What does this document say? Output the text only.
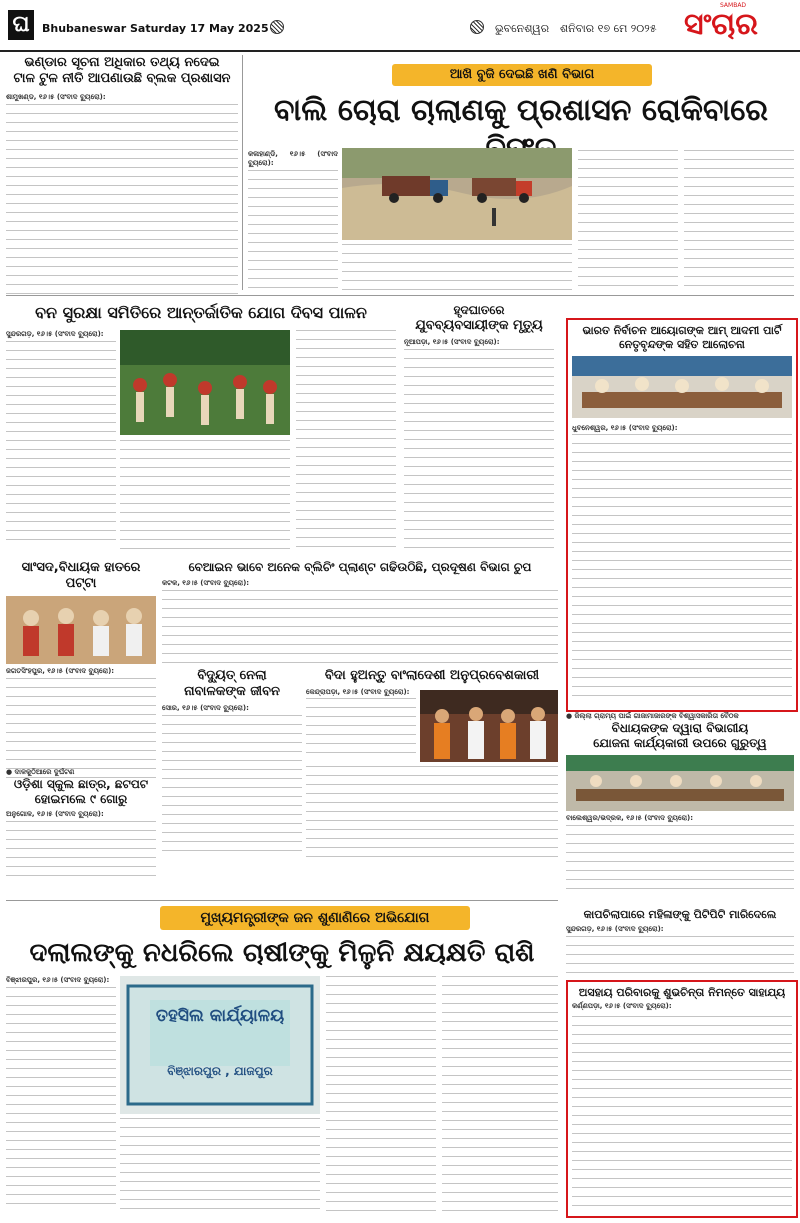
ଘ	Bhubaneswar Saturday 17 May 2025	ଭୁବନେଶ୍ୱର ଶନିବାର ୧୭ ମେ ୨୦୨୫ ସଂଚାର
SAMBAD
ଭଣ୍ଡାର ସୂଚନା ଅଧିକାର ତଥ୍ୟ ନଦେଇ
ଟାଳ ଟୁଳ ନୀତି ଆପଣାଉଛି ବ୍ଲକ ପ୍ରଶାସନ
ଶାମୁଖଣ୍ଡ, ୧୬।୫ (ସଂବାଦ ବ୍ୟୁରୋ):
ଆଖି ବୁଜି ଦେଇଛି ଖଣି ବିଭାଗ
ବାଲି ଚୋରା ଚାଲାଣକୁ ପ୍ରଶାସନ ରୋକିବାରେ
କଳାହାଣ୍ଡି, ୧୬।୫ (ସଂବାଦ ବ୍ୟୁରୋ):
ବନ ସୁରକ୍ଷା ସମିତିରେ ଆନ୍ତର୍ଜାତିକ ଯୋଗ ଦିବସ ପାଳନ
ସୁନ୍ଦରଗଡ଼, ୧୬।୫ (ସଂବାଦ ବ୍ୟୁରୋ):
ହୃଦଘାତରେ
ଯୁବବ୍ୟବସାୟୀଙ୍କ ମୃତ୍ୟୁ
ନୂଆପଡ଼ା, ୧୬।୫ (ସଂବାଦ ବ୍ୟୁରୋ):
ଭାରତ ନିର୍ବାଚନ ଆୟୋଗଙ୍କ ଆମ୍ ଆଦମୀ ପାର୍ଟି ନେତୃବୃନ୍ଦଙ୍କ ସହିତ ଆଲୋଚନା
ଧୁବନେଶ୍ୱର, ୧୬।୫ (ସଂବାଦ ବ୍ୟୁରୋ):
ସାଂସଦ,ବିଧାୟକ ହାତରେ ପଟ୍ଟା
ଜଗତସିଂହପୁର, ୧୬।୫ (ସଂବାଦ ବ୍ୟୁରୋ):
ବେଆଇନ ଭାବେ ଅନେକ ବ୍ଲିଚିଂ ପ୍ଲାଣ୍ଟ ଗଢିଉଠିଛି, ପ୍ରଦୂଷଣ ବିଭାଗ ଚୁପ
କଟକ, ୧୬।୫ (ସଂବାଦ ବ୍ୟୁରୋ):
● ଜିଲ୍ଲା ଗ୍ରାମ୍ୟ ପାଇଁ ଗାଜାମାଜାରଙ୍କ ବିଶ୍ୱାସକାରିତା ବୈଠକ
ବିଧାୟକଙ୍କ ଦ୍ୱାରା ବିଭାଗୀୟ
ଯୋଜନା କାର୍ଯ୍ୟକାରୀ ଉପରେ ଗୁରୁତ୍ୱ
ବାଲେଶ୍ୱର/ଭଦ୍ରକ, ୧୬।୫ (ସଂବାଦ ବ୍ୟୁରୋ):
ବିଦ୍ୟୁତ୍ ନେଲା
ନାବାଳକଙ୍କ ଜୀବନ
ସୋର, ୧୬।୫ (ସଂବାଦ ବ୍ୟୁରୋ):
ବିଦା ହୁଅନ୍ତୁ ବାଂଲାଦେଶୀ ଅନୁପ୍ରବେଶକାରୀ
କେନ୍ଦ୍ରାପଡ଼ା, ୧୬।୫ (ସଂବାଦ ବ୍ୟୁରୋ):
● ଦାଳକୁଠିଆରେ ଦୁର୍ଘଟଣ
ଓଡ଼ିଶା ସ୍କୁଲ ଛାତ୍ର, ଛଟପଟ
ହୋଇମଲେ ୯ ଗୋରୁ
ଅନୁଗୋଳ, ୧୬।୫ (ସଂବାଦ ବ୍ୟୁରୋ):
କାପଚିଲାପାରେ ମହିଳାଙ୍କୁ ପିଟିପିଟି ମାରିଦେଲେ
ସୁନ୍ଦରଗଡ଼, ୧୬।୫ (ସଂବାଦ ବ୍ୟୁରୋ):
ମୁଖ୍ୟମନ୍ତ୍ରୀଙ୍କ ଜନ ଶୁଣାଣିରେ ଅଭିଯୋଗ
ଦଲାଲଙ୍କୁ ନଧରିଲେ ଚାଷୀଙ୍କୁ ମିଳୁନି କ୍ଷୟକ୍ଷତି ରାଶି
ବିଞ୍ଝାରପୁର, ୧୬।୫ (ସଂବାଦ ବ୍ୟୁରୋ):
ତହସିଲ କାର୍ଯ୍ୟାଳୟ
ବିଞ୍ଝାରପୁର , ଯାଜପୁର
ଅସହାୟ ପରିବାରକୁ ଶୁଭଚିନ୍ତା ନିମନ୍ତେ ସାହାଯ୍ୟ
କର୍ଣ୍ଣପଡ଼ା, ୧୬।୫ (ସଂବାଦ ବ୍ୟୁରୋ):
